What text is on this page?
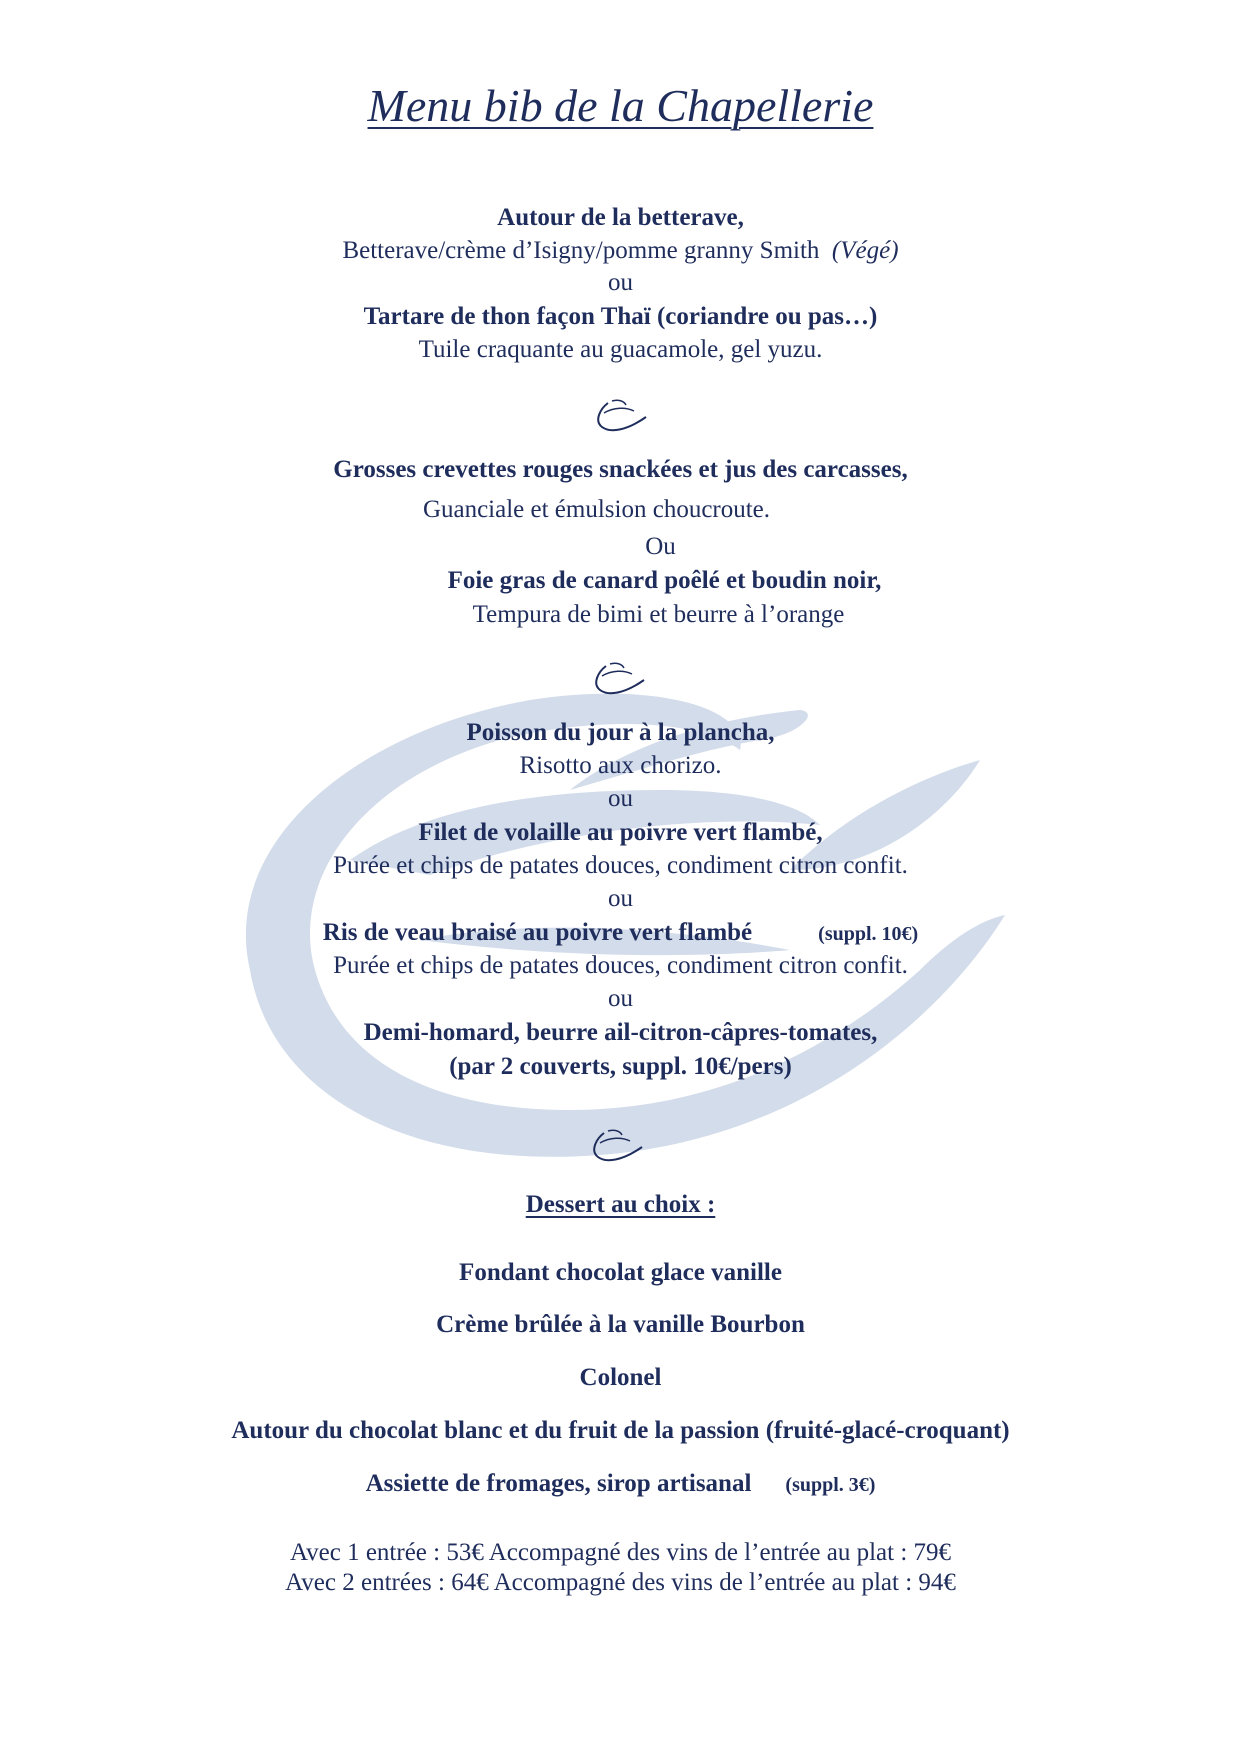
Menu bib de la Chapellerie
Autour de la betterave,
Betterave/crème d’Isigny/pomme granny Smith (Végé)
ou
Tartare de thon façon Thaï (coriandre ou pas…)
Tuile craquante au guacamole, gel yuzu.
Grosses crevettes rouges snackées et jus des carcasses,
Guanciale et émulsion choucroute.
Ou
Foie gras de canard poêlé et boudin noir,
Tempura de bimi et beurre à l’orange
Poisson du jour à la plancha,
Risotto aux chorizo.
ou
Filet de volaille au poivre vert flambé,
Purée et chips de patates douces, condiment citron confit.
ou
Ris de veau braisé au poivre vert flambé	(suppl. 10€)
Purée et chips de patates douces, condiment citron confit.
ou
Demi-homard, beurre ail-citron-câpres-tomates,
(par 2 couverts, suppl. 10€/pers)
Dessert au choix :
Fondant chocolat glace vanille
Crème brûlée à la vanille Bourbon
Colonel
Autour du chocolat blanc et du fruit de la passion (fruité-glacé-croquant)
Assiette de fromages, sirop artisanal (suppl. 3€)
Avec 1 entrée : 53€ Accompagné des vins de l’entrée au plat : 79€
Avec 2 entrées : 64€ Accompagné des vins de l’entrée au plat : 94€
